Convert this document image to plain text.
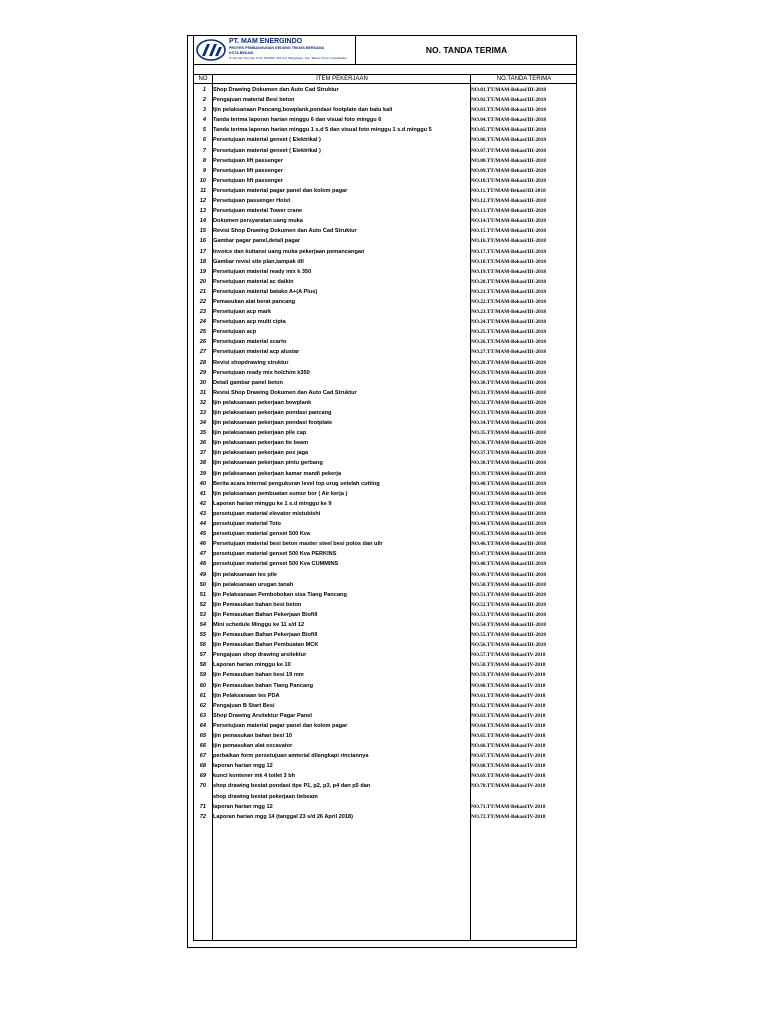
PT. MAM ENERGINDO
PROYEK PEMBANGUNAN GEDUNG TEKNIS BERSAMA
KOTA BEKASI
Jl. Ahmad Yani Kav. 8 RT. 002/RW. 001 Kel. Margahayu, Kec. Bekasi Timur, Kota Bekasi
NO. TANDA TERIMA
NO	ITEM PEKERJAAN	NO.TANDA TERIMA
1 Shop Drawing Dokumen dan Auto Cad Struktur	NO.01.TT/MAM-Bekasi/III-2018
2 Pengajuan material Besi beton	NO.02.TT/MAM-Bekasi/III-2018
3 Ijin pelaksanaan Pancang,bowplank,pondasi footplate dan batu kali	NO.03.TT/MAM-Bekasi/III-2018
4 Tanda terima laporan harian minggu 6 dan visual foto minggu 6	NO.04.TT/MAM-Bekasi/III-2018
5 Tanda terima laporan harian minggu 1 s.d 5 dan visual foto minggu 1 s.d minggu 5	NO.05.TT/MAM-Bekasi/III-2018
6 Persetujuan material genset ( Elektrikal )	NO.06.TT/MAM-Bekasi/III-2018
7 Persetujuan material genset ( Elektrikal )	NO.07.TT/MAM-Bekasi/III-2018
8 Persetujuan lift passenger	NO.08.TT/MAM-Bekasi/III-2018
9 Persetujuan lift passenger	NO.09.TT/MAM-Bekasi/III-2018
10 Persetujuan lift passenger	NO.10.TT/MAM-Bekasi/III-2018
11 Persetujuan material pagar panel dan kolom pagar	NO.11.TT/MAM-Bekasi/III-2018
12 Persetujuan passenger Hoist	NO.12.TT/MAM-Bekasi/III-2018
13 Persetujuan material Tower crane	NO.13.TT/MAM-Bekasi/III-2018
14 Dokumen persyaratan uang muka	NO.14.TT/MAM-Bekasi/III-2018
15 Revisi Shop Drawing Dokumen dan Auto Cad Struktur	NO.15.TT/MAM-Bekasi/III-2018
16 Gambar pagar panel,detail pagar	NO.16.TT/MAM-Bekasi/III-2018
17 Invoice dan kuitansi uang muka pekerjaan pemancangan	NO.17.TT/MAM-Bekasi/III-2018
18 Gambar revisi site plan,tampak dll	NO.18.TT/MAM-Bekasi/III-2018
19 Persetujuan material ready mix k 350	NO.19.TT/MAM-Bekasi/III-2018
20 Persetujuan material ac daikin	NO.20.TT/MAM-Bekasi/III-2018
21 Persetujuan material batako A+(A Plus)	NO.21.TT/MAM-Bekasi/III-2018
22 Pemasukan alat berat pancang	NO.22.TT/MAM-Bekasi/III-2018
23 Persetujuan acp mark	NO.23.TT/MAM-Bekasi/III-2018
24 Persetujuan acp multi cipta	NO.24.TT/MAM-Bekasi/III-2018
25 Persetujuan acp	NO.25.TT/MAM-Bekasi/III-2018
26 Persetujuan material scarto	NO.26.TT/MAM-Bekasi/III-2018
27 Persetujuan material acp alustar	NO.27.TT/MAM-Bekasi/III-2018
28 Revisi shopdrawing struktur	NO.28.TT/MAM-Bekasi/III-2018
29 Persetujuan ready mix holchim k350	NO.29.TT/MAM-Bekasi/III-2018
30 Detail gambar panel beton	NO.30.TT/MAM-Bekasi/III-2018
31 Revisi Shop Drawing Dokumen dan Auto Cad Struktur	NO.31.TT/MAM-Bekasi/III-2018
32 Ijin pelaksanaan pekerjaan bowplank	NO.32.TT/MAM-Bekasi/III-2018
33 Ijin pelaksanaan pekerjaan pondasi pancang	NO.33.TT/MAM-Bekasi/III-2018
34 Ijin pelaksanaan pekerjaan pondasi footplate	NO.34.TT/MAM-Bekasi/III-2018
35 Ijin pelaksanaan pekerjaan pile cap	NO.35.TT/MAM-Bekasi/III-2018
36 Ijin pelaksanaan pekerjaan tie beam	NO.36.TT/MAM-Bekasi/III-2018
37 Ijin pelaksanaan pekerjaan pos jaga	NO.37.TT/MAM-Bekasi/III-2018
38 Ijin pelaksanaan pekerjaan pintu gerbang	NO.38.TT/MAM-Bekasi/III-2018
39 Ijin pelaksanaan pekerjaan kamar mandi pekerja	NO.39.TT/MAM-Bekasi/III-2018
40 Berita acara internal pengukuran level top urug setelah cutting	NO.40.TT/MAM-Bekasi/III-2018
41 Ijin pelaksanaan pembuatan sumur bor ( Air kerja )	NO.41.TT/MAM-Bekasi/III-2018
42 Laporan harian minggu ke 1 s.d minggu ke 9	NO.42.TT/MAM-Bekasi/III-2018
43 persetujuan material elevator mistubishi	NO.43.TT/MAM-Bekasi/III-2018
44 persetujuan material Toto	NO.44.TT/MAM-Bekasi/III-2018
45 persetujuan material genset 500 Kva	NO.45.TT/MAM-Bekasi/III-2018
46 Persetujuan material besi beton master steel besi polos dan ulir	NO.46.TT/MAM-Bekasi/III-2018
47 persetujuan material genset 500 Kva PERKINS	NO.47.TT/MAM-Bekasi/III-2018
48 persetujuan material genset 500 Kva CUMMINS	NO.48.TT/MAM-Bekasi/III-2018
49 Ijin pelaksanaan tes pile	NO.49.TT/MAM-Bekasi/III-2018
50 Ijin pelaksanaan urugan tanah	NO.50.TT/MAM-Bekasi/III-2018
51 Ijin Pelaksanaan Pembobokan sisa Tiang Pancang	NO.51.TT/MAM-Bekasi/III-2018
52 Ijin Pemasukan bahan besi beton	NO.52.TT/MAM-Bekasi/III-2018
53 Ijin Pemasukan Bahan Pekerjaan Biofill	NO.53.TT/MAM-Bekasi/III-2018
54 Mini schedule Minggu ke 11 s/d 12	NO.54.TT/MAM-Bekasi/III-2018
55 Ijin Pemasukan Bahan Pekerjaan Biofill	NO.55.TT/MAM-Bekasi/III-2018
56 Ijin Pemasukan Bahan Pembuatan MCK	NO.56.TT/MAM-Bekasi/III-2018
57 Pengajuan shop drawing arsitektur	NO.57.TT/MAM-Bekasi/IV-2018
58 Laporan harian minggu ke 10	NO.58.TT/MAM-Bekasi/IV-2018
59 Ijin Pemasukan bahan besi 19 mm	NO.59.TT/MAM-Bekasi/IV-2018
60 Ijin Pemasukan bahan Tiang Pancang	NO.60.TT/MAM-Bekasi/IV-2018
61 Ijin Pelaksanaan tes PDA	NO.61.TT/MAM-Bekasi/IV-2018
62 Pengajuan B Start Besi	NO.62.TT/MAM-Bekasi/IV-2018
63 Shop Drawing Arsitektur Pagar Panel	NO.63.TT/MAM-Bekasi/IV-2018
64 Persetujuan material pagar panel dan kolom pagar	NO.64.TT/MAM-Bekasi/IV-2018
65 ijin pemasukan bahan besi 10	NO.65.TT/MAM-Bekasi/IV-2018
66 ijin pemasukan alat excavator	NO.66.TT/MAM-Bekasi/IV-2018
67 perbaikan form persetujuan amterial dilengkapi rinciannya	NO.67.TT/MAM-Bekasi/IV-2018
68 laporan harian mgg 12	NO.68.TT/MAM-Bekasi/IV-2018
69 kunci kontener mk 4 toilet 3 bh	NO.69.TT/MAM-Bekasi/IV-2018
70 shop drawing bestat pondasi tipe P1, p2, p3, p4 dan p5 dan	NO.70.TT/MAM-Bekasi/IV-2018
shop drawing bestat pekerjaan tiebeam
71 laporan harian mgg 12	NO.71.TT/MAM-Bekasi/IV-2018
72 Laporan harian mgg 14 (tanggal 23 s/d 26 April 2018)	NO.72.TT/MAM-Bekasi/IV-2018
